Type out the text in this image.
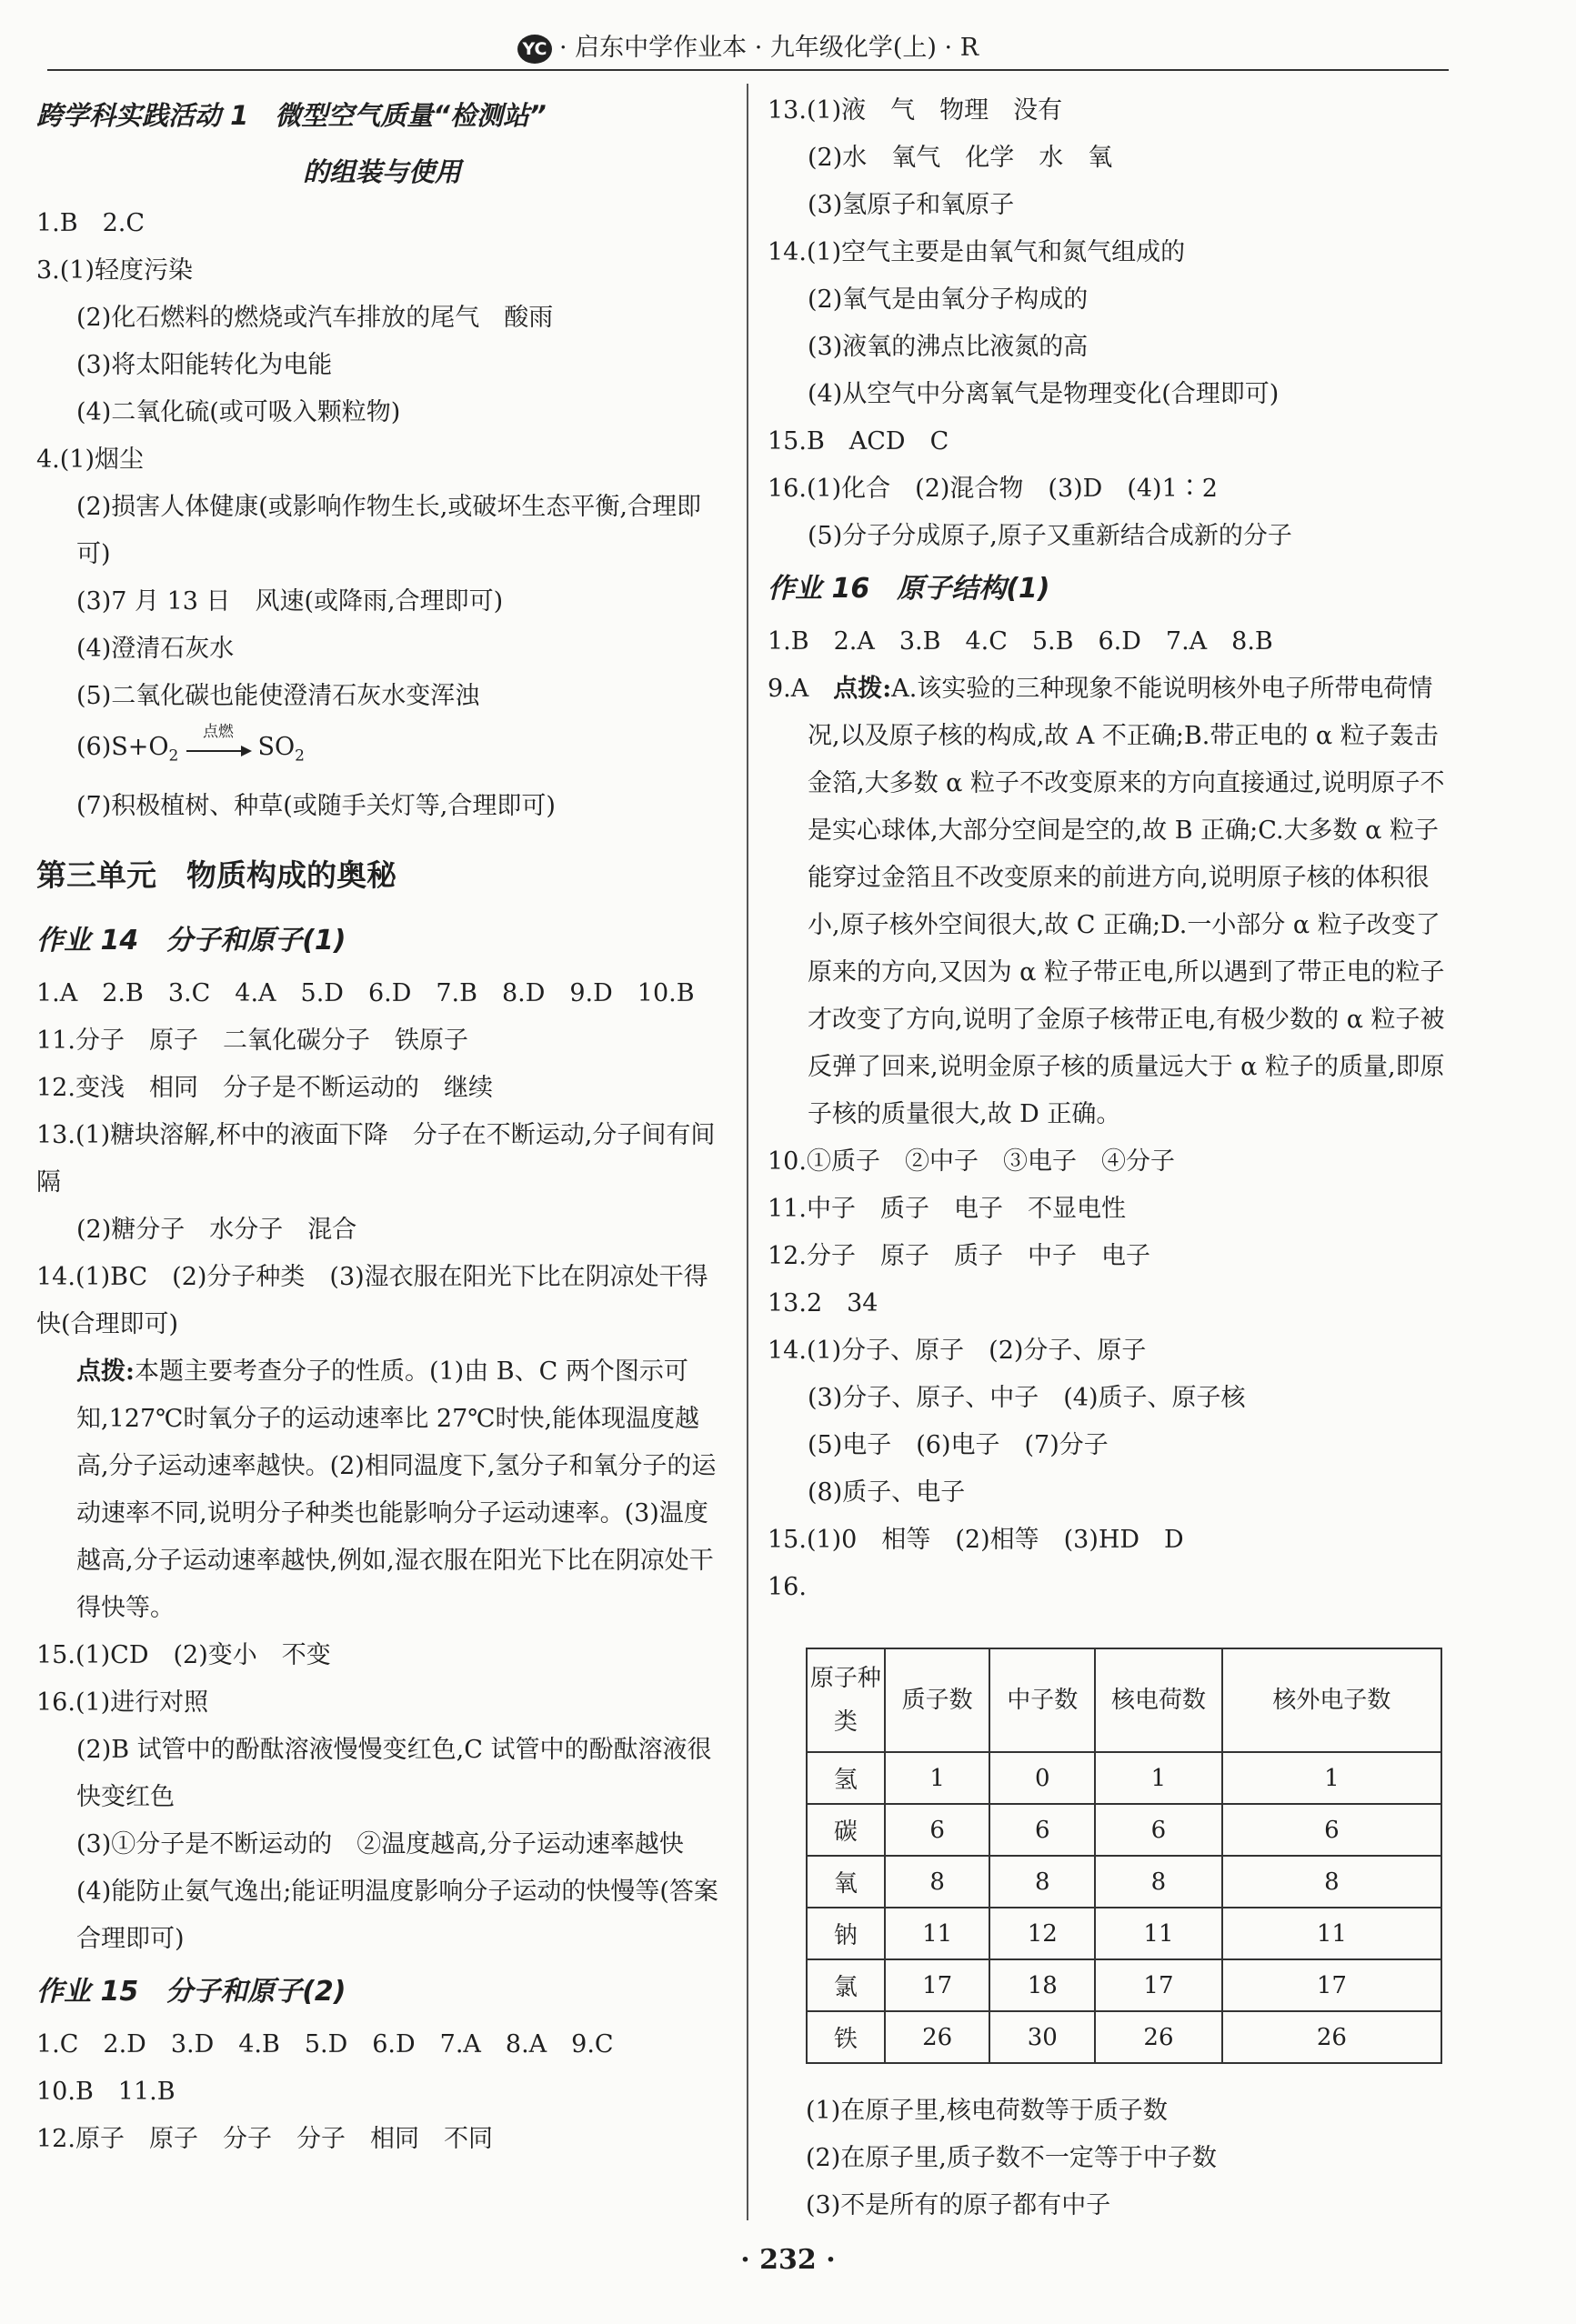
YC · 启东中学作业本 · 九年级化学(上) · R
跨学科实践活动 1　微型空气质量“检测站”
的组装与使用
1.B　2.C
3.(1)轻度污染
(2)化石燃料的燃烧或汽车排放的尾气　酸雨
(3)将太阳能转化为电能
(4)二氧化硫(或可吸入颗粒物)
4.(1)烟尘
(2)损害人体健康(或影响作物生长,或破坏生态平衡,合理即可)
(3)7 月 13 日　风速(或降雨,合理即可)
(4)澄清石灰水
(5)二氧化碳也能使澄清石灰水变浑浊
$(6)S+O_2$
点燃
$SO_2$
(7)积极植树、种草(或随手关灯等,合理即可)
第三单元　物质构成的奥秘
作业 14　分子和原子(1)
1.A　2.B　3.C　4.A　5.D　6.D　7.B　8.D　9.D　10.B
11.分子　原子　二氧化碳分子　铁原子
12.变浅　相同　分子是不断运动的　继续
13.(1)糖块溶解,杯中的液面下降　分子在不断运动,分子间有间隔
(2)糖分子　水分子　混合
14.(1)BC　(2)分子种类　(3)湿衣服在阳光下比在阴凉处干得快(合理即可)
点拨:本题主要考查分子的性质。(1)由 B、C 两个图示可知,127℃时氧分子的运动速率比 27℃时快,能体现温度越高,分子运动速率越快。(2)相同温度下,氢分子和氧分子的运动速率不同,说明分子种类也能影响分子运动速率。(3)温度越高,分子运动速率越快,例如,湿衣服在阳光下比在阴凉处干得快等。
15.(1)CD　(2)变小　不变
16.(1)进行对照
(2)B 试管中的酚酞溶液慢慢变红色,C 试管中的酚酞溶液很快变红色
(3)①分子是不断运动的　②温度越高,分子运动速率越快
(4)能防止氨气逸出;能证明温度影响分子运动的快慢等(答案合理即可)
作业 15　分子和原子(2)
1.C　2.D　3.D　4.B　5.D　6.D　7.A　8.A　9.C
10.B　11.B
12.原子　原子　分子　分子　相同　不同
13.(1)液　气　物理　没有
(2)水　氧气　化学　水　氧
(3)氢原子和氧原子
14.(1)空气主要是由氧气和氮气组成的
(2)氧气是由氧分子构成的
(3)液氧的沸点比液氮的高
(4)从空气中分离氧气是物理变化(合理即可)
15.B　ACD　C
16.(1)化合　(2)混合物　(3)D　(4)1∶2
(5)分子分成原子,原子又重新结合成新的分子
作业 16　原子结构(1)
1.B　2.A　3.B　4.C　5.B　6.D　7.A　8.B
9.A　点拨:A.该实验的三种现象不能说明核外电子所带电荷情况,以及原子核的构成,故 A 不正确;B.带正电的 α 粒子轰击金箔,大多数 α 粒子不改变原来的方向直接通过,说明原子不是实心球体,大部分空间是空的,故 B 正确;C.大多数 α 粒子能穿过金箔且不改变原来的前进方向,说明原子核的体积很小,原子核外空间很大,故 C 正确;D.一小部分 α 粒子改变了原来的方向,又因为 α 粒子带正电,所以遇到了带正电的粒子才改变了方向,说明了金原子核带正电,有极少数的 α 粒子被反弹了回来,说明金原子核的质量远大于 α 粒子的质量,即原子核的质量很大,故 D 正确。
10.①质子　②中子　③电子　④分子
11.中子　质子　电子　不显电性
12.分子　原子　质子　中子　电子
13.2　34
14.(1)分子、原子　(2)分子、原子
(3)分子、原子、中子　(4)质子、原子核
(5)电子　(6)电子　(7)分子
(8)质子、电子
15.(1)0　相等　(2)相等　(3)HD　D
16.
原子种类	质子数	中子数	核电荷数	核外电子数
氢	1	0	1	1
碳	6	6	6	6
氧	8	8	8	8
钠	11	12	11	11
氯	17	18	17	17
铁	26	30	26	26
(1)在原子里,核电荷数等于质子数
(2)在原子里,质子数不一定等于中子数
(3)不是所有的原子都有中子
· 232 ·
